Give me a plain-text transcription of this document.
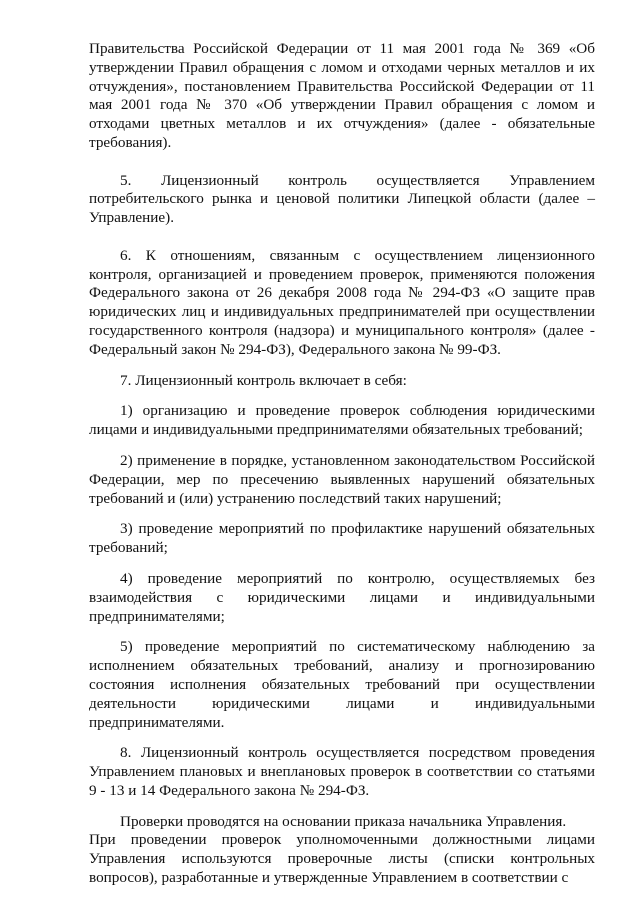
Правительства Российской Федерации от 11 мая 2001 года № 369 «Об утверждении Правил обращения с ломом и отходами черных металлов и их отчуждения», постановлением Правительства Российской Федерации от 11 мая 2001 года № 370 «Об утверждении Правил обращения с ломом и отходами цветных металлов и их отчуждения» (далее - обязательные требования).

5. Лицензионный контроль осуществляется Управлением потребительского рынка и ценовой политики Липецкой области (далее – Управление).

6. К отношениям, связанным с осуществлением лицензионного контроля, организацией и проведением проверок, применяются положения Федерального закона от 26 декабря 2008 года № 294-ФЗ «О защите прав юридических лиц и индивидуальных предпринимателей при осуществлении государственного контроля (надзора) и муниципального контроля» (далее - Федеральный закон № 294-ФЗ), Федерального закона № 99-ФЗ.

7. Лицензионный контроль включает в себя:

1) организацию и проведение проверок соблюдения юридическими лицами и индивидуальными предпринимателями обязательных требований;

2) применение в порядке, установленном законодательством Российской Федерации, мер по пресечению выявленных нарушений обязательных требований и (или) устранению последствий таких нарушений;

3) проведение мероприятий по профилактике нарушений обязательных требований;

4) проведение мероприятий по контролю, осуществляемых без взаимодействия с юридическими лицами и индивидуальными предпринимателями;

5) проведение мероприятий по систематическому наблюдению за исполнением обязательных требований, анализу и прогнозированию состояния исполнения обязательных требований при осуществлении деятельности юридическими лицами и индивидуальными предпринимателями.

8. Лицензионный контроль осуществляется посредством проведения Управлением плановых и внеплановых проверок в соответствии со статьями 9 - 13 и 14 Федерального закона № 294-ФЗ.

Проверки проводятся на основании приказа начальника Управления.

При проведении проверок уполномоченными должностными лицами Управления используются проверочные листы (списки контрольных вопросов), разработанные и утвержденные Управлением в соответствии с
